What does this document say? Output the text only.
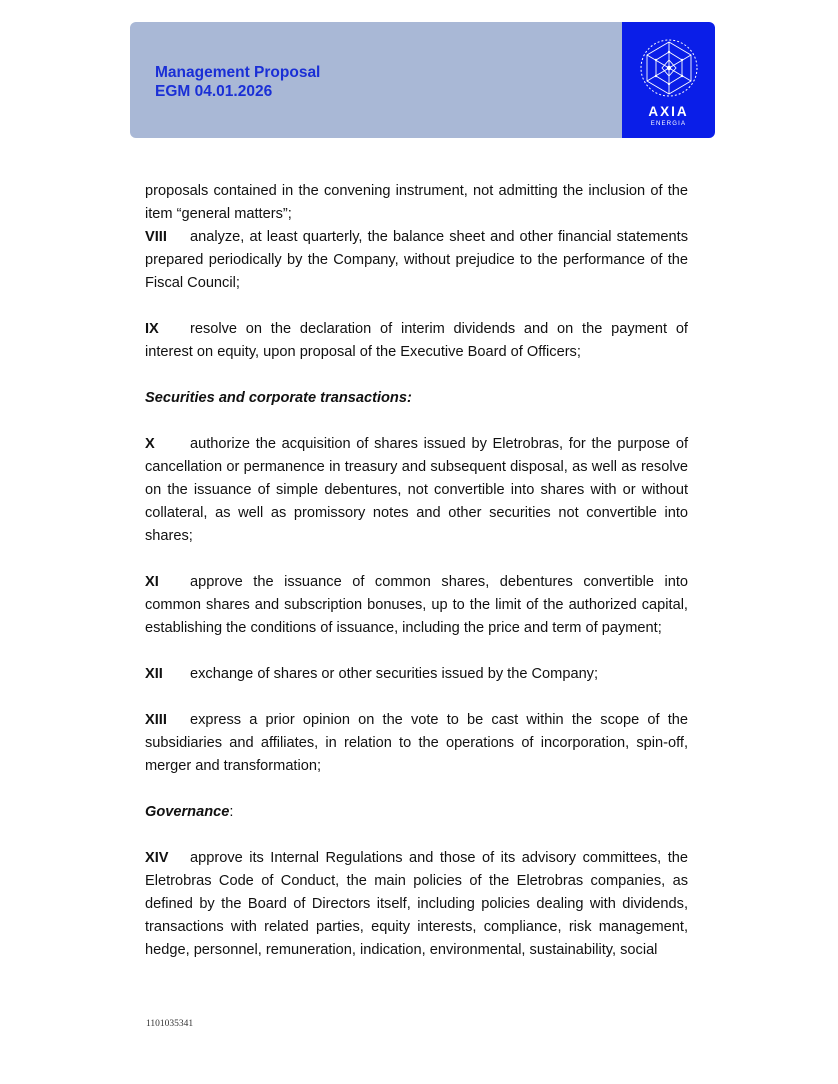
Management Proposal
EGM 04.01.2026
AXIA
ENERGIA

proposals contained in the convening instrument, not admitting the inclusion of the item “general matters”;

VIII analyze, at least quarterly, the balance sheet and other financial statements prepared periodically by the Company, without prejudice to the performance of the Fiscal Council;

IX resolve on the declaration of interim dividends and on the payment of interest on equity, upon proposal of the Executive Board of Officers;

Securities and corporate transactions:

X authorize the acquisition of shares issued by Eletrobras, for the purpose of cancellation or permanence in treasury and subsequent disposal, as well as resolve on the issuance of simple debentures, not convertible into shares with or without collateral, as well as promissory notes and other securities not convertible into shares;

XI approve the issuance of common shares, debentures convertible into common shares and subscription bonuses, up to the limit of the authorized capital, establishing the conditions of issuance, including the price and term of payment;

XII exchange of shares or other securities issued by the Company;

XIII express a prior opinion on the vote to be cast within the scope of the subsidiaries and affiliates, in relation to the operations of incorporation, spin-off, merger and transformation;

Governance:

XIV approve its Internal Regulations and those of its advisory committees, the Eletrobras Code of Conduct, the main policies of the Eletrobras companies, as defined by the Board of Directors itself, including policies dealing with dividends, transactions with related parties, equity interests, compliance, risk management, hedge, personnel, remuneration, indication, environmental, sustainability, social

1101035341
